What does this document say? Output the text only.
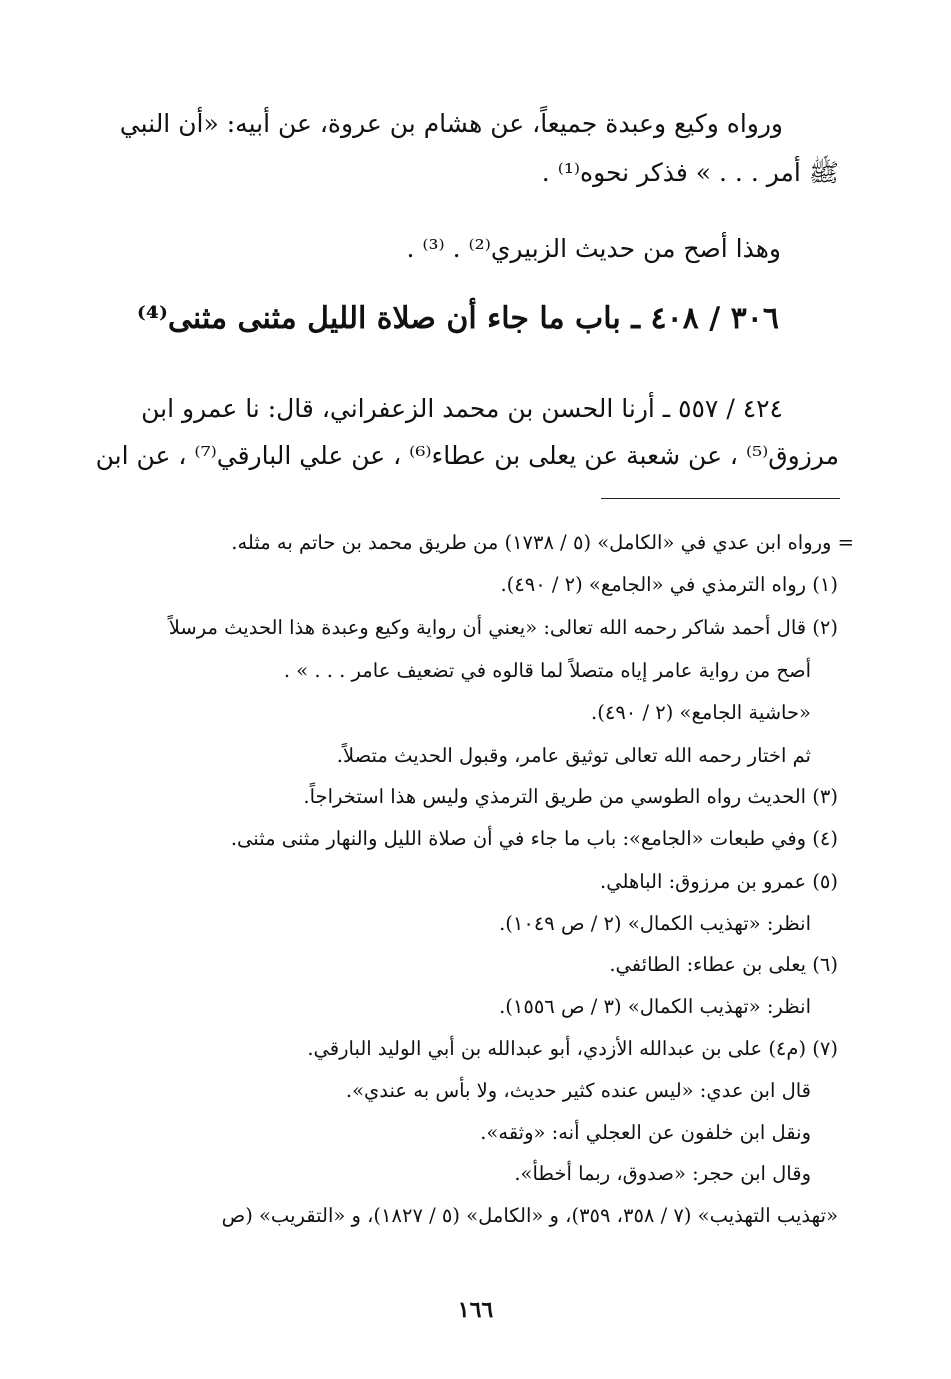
ورواه وكيع وعبدة جميعاً، عن هشام بن عروة، عن أبيه: «أن النبي
ﷺ أمر . . . » فذكر نحوه⁽¹⁾ .
وهذا أصح من حديث الزبيري⁽²⁾ . ⁽³⁾ .
٣٠٦ / ٤٠٨ ـ باب ما جاء أن صلاة الليل مثنى مثنى⁽⁴⁾
٤٢٤ / ٥٥٧ ـ أرنا الحسن بن محمد الزعفراني، قال: نا عمرو ابن
مرزوق⁽⁵⁾ ، عن شعبة عن يعلى بن عطاء⁽⁶⁾ ، عن علي البارقي⁽⁷⁾ ، عن ابن
= ورواه ابن عدي في «الكامل» (٥ / ١٧٣٨) من طريق محمد بن حاتم به مثله.
(١) رواه الترمذي في «الجامع» (٢ / ٤٩٠).
(٢) قال أحمد شاكر رحمه الله تعالى: «يعني أن رواية وكيع وعبدة هذا الحديث مرسلاً
أصح من رواية عامر إياه متصلاً لما قالوه في تضعيف عامر . . . » .
«حاشية الجامع» (٢ / ٤٩٠).
ثم اختار رحمه الله تعالى توثيق عامر، وقبول الحديث متصلاً.
(٣) الحديث رواه الطوسي من طريق الترمذي وليس هذا استخراجاً.
(٤) وفي طبعات «الجامع»: باب ما جاء في أن صلاة الليل والنهار مثنى مثنى.
(٥) عمرو بن مرزوق: الباهلي.
انظر: «تهذيب الكمال» (٢ / ص ١٠٤٩).
(٦) يعلى بن عطاء: الطائفي.
انظر: «تهذيب الكمال» (٣ / ص ١٥٥٦).
(٧) (م٤) على بن عبدالله الأزدي، أبو عبدالله بن أبي الوليد البارقي.
قال ابن عدي: «ليس عنده كثير حديث، ولا بأس به عندي».
ونقل ابن خلفون عن العجلي أنه: «وثقه».
وقال ابن حجر: «صدوق، ربما أخطأ».
«تهذيب التهذيب» (٧ / ٣٥٨، ٣٥٩)، و «الكامل» (٥ / ١٨٢٧)، و «التقريب» (ص
١٦٦
